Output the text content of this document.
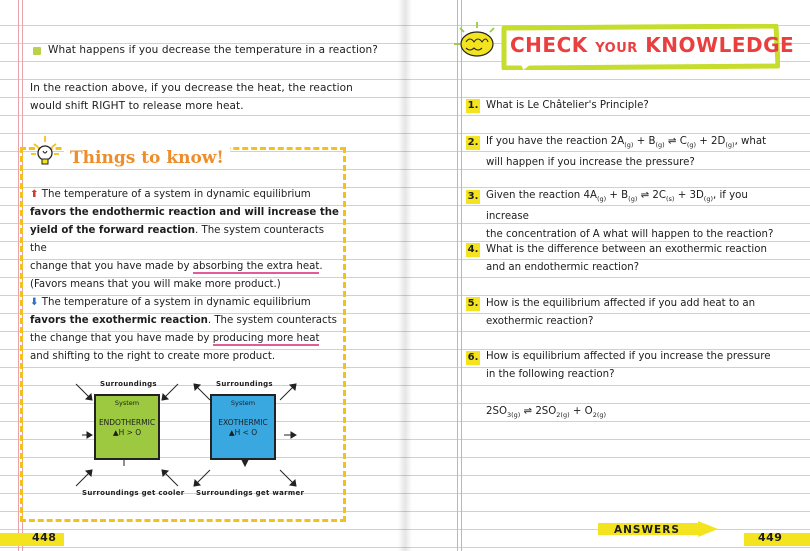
What happens if you decrease the temperature in a reaction?
In the reaction above, if you decrease the heat, the reaction
would shift RIGHT to release more heat.
Things to know!
⬆ The temperature of a system in dynamic equilibrium
favors the endothermic reaction and will increase the
yield of the forward reaction. The system counteracts the
change that you have made by absorbing the extra heat.
(Favors means that you will make more product.)
⬇ The temperature of a system in dynamic equilibrium
favors the exothermic reaction. The system counteracts
the change that you have made by producing more heat
and shifting to the right to create more product.
Surroundings
System
ENDOTHERMIC
▲H > O
Surroundings get cooler
Surroundings
System
EXOTHERMIC
▲H < O
Surroundings get warmer
448
CHECK YOUR KNOWLEDGE
1. What is Le Châtelier's Principle?
2. If you have the reaction $2A_{(g)} + B_{(g)}$ ⇌ $C_{(g)} + 2D_{(g)}$, what
will happen if you increase the pressure?
3. Given the reaction $4A_{(g)} + B_{(g)}$ ⇌ $2C_{(s)} + 3D_{(g)}$, if you increase
the concentration of A what will happen to the reaction?
4. What is the difference between an exothermic reaction
and an endothermic reaction?
5. How is the equilibrium affected if you add heat to an
exothermic reaction?
6. How is equilibrium affected if you increase the pressure
in the following reaction?
$2SO_{3(g)}$ ⇌ $2SO_{2(g)} + O_{2(g)}$
ANSWERS
449
